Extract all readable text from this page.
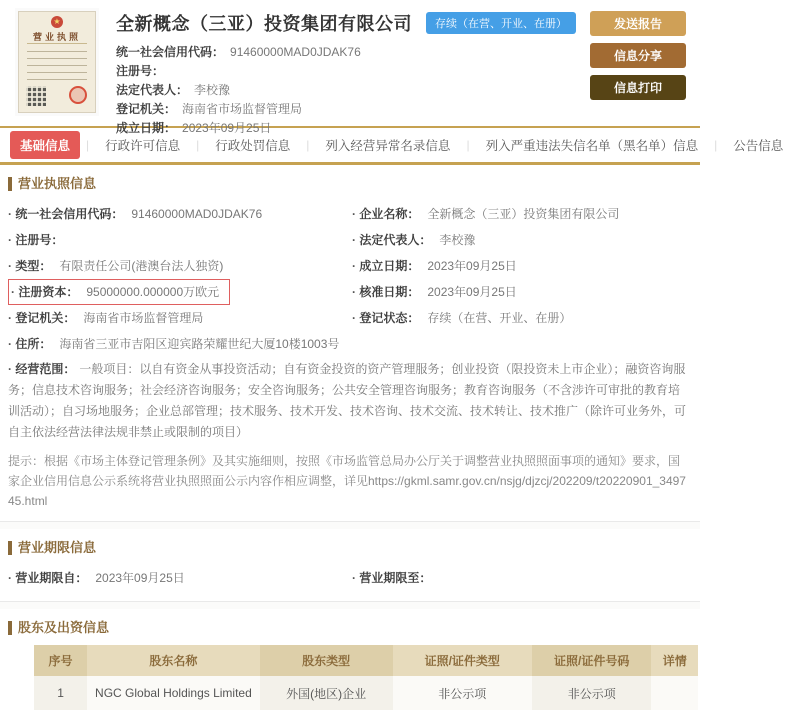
★
营业执照
全新概念（三亚）投资集团有限公司	存续（在营、开业、在册）
统一社会信用代码： 91460000MAD0JDAK76
注册号：
法定代表人： 李校豫
登记机关： 海南省市场监督管理局
成立日期： 2023年09月25日
发送报告
信息分享
信息打印
基础信息	|	行政许可信息	|	行政处罚信息	|	列入经营异常名录信息	|	列入严重违法失信名单（黑名单）信息	|	公告信息
营业执照信息
· 统一社会信用代码： 91460000MAD0JDAK76	· 企业名称： 全新概念（三亚）投资集团有限公司
· 注册号：	· 法定代表人： 李校豫
· 类型： 有限责任公司(港澳台法人独资)	· 成立日期： 2023年09月25日
· 注册资本： 95000000.000000万欧元	· 核准日期： 2023年09月25日
· 登记机关： 海南省市场监督管理局	· 登记状态： 存续（在营、开业、在册）
· 住所： 海南省三亚市吉阳区迎宾路荣耀世纪大厦10楼1003号

· 经营范围： 一般项目：以自有资金从事投资活动；自有资金投资的资产管理服务；创业投资（限投资未上市企业）；融资咨询服务；信息技术咨询服务；社会经济咨询服务；安全咨询服务；公共安全管理咨询服务；教育咨询服务（不含涉许可审批的教育培训活动）；自习场地服务；企业总部管理；技术服务、技术开发、技术咨询、技术交流、技术转让、技术推广（除许可业务外，可自主依法经营法律法规非禁止或限制的项目）

提示：根据《市场主体登记管理条例》及其实施细则，按照《市场监管总局办公厅关于调整营业执照照面事项的通知》要求，国家企业信用信息公示系统将营业执照照面公示内容作相应调整，详见https://gkml.samr.gov.cn/nsjg/djzcj/202209/t20220901_349745.html

营业期限信息
· 营业期限自： 2023年09月25日	· 营业期限至：
股东及出资信息
序号	股东名称	股东类型	证照/证件类型	证照/证件号码	详情
1	NGC Global Holdings Limited	外国(地区)企业	非公示项	非公示项	
